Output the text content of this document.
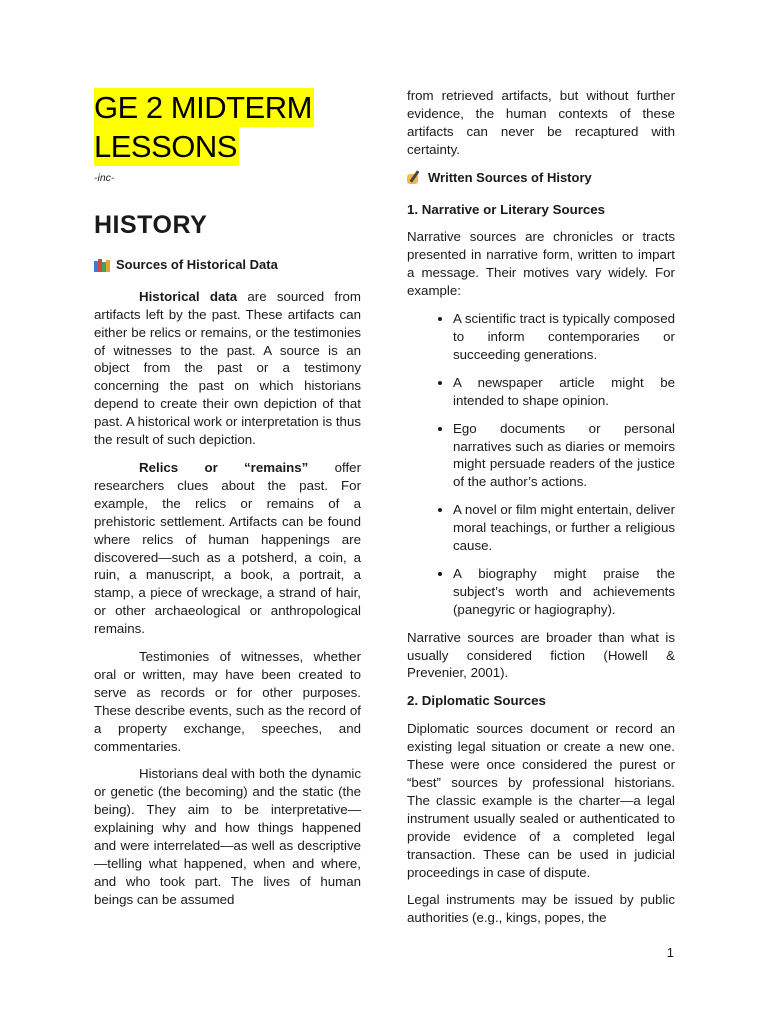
GE 2 MIDTERM
LESSONS

-inc-

HISTORY
Sources of Historical Data

Historical data are sourced from artifacts left by the past. These artifacts can either be relics or remains, or the testimonies of witnesses to the past. A source is an object from the past or a testimony concerning the past on which historians depend to create their own depiction of that past. A historical work or interpretation is thus the result of such depiction.

Relics or “remains” offer researchers clues about the past. For example, the relics or remains of a prehistoric settlement. Artifacts can be found where relics of human happenings are discovered—such as a potsherd, a coin, a ruin, a manuscript, a book, a portrait, a stamp, a piece of wreckage, a strand of hair, or other archaeological or anthropological remains.

Testimonies of witnesses, whether oral or written, may have been created to serve as records or for other purposes. These describe events, such as the record of a property exchange, speeches, and commentaries.

Historians deal with both the dynamic or genetic (the becoming) and the static (the being). They aim to be interpretative—explaining why and how things happened and were interrelated—as well as descriptive—telling what happened, when and where, and who took part. The lives of human beings can be assumed

from retrieved artifacts, but without further evidence, the human contexts of these artifacts can never be recaptured with certainty.

Written Sources of History

1. Narrative or Literary Sources

Narrative sources are chronicles or tracts presented in narrative form, written to impart a message. Their motives vary widely. For example:

• A scientific tract is typically composed to inform contemporaries or succeeding generations.
• A newspaper article might be intended to shape opinion.
• Ego documents or personal narratives such as diaries or memoirs might persuade readers of the justice of the author’s actions.
• A novel or film might entertain, deliver moral teachings, or further a religious cause.
• A biography might praise the subject’s worth and achievements (panegyric or hagiography).

Narrative sources are broader than what is usually considered fiction (Howell & Prevenier, 2001).

2. Diplomatic Sources

Diplomatic sources document or record an existing legal situation or create a new one. These were once considered the purest or “best” sources by professional historians. The classic example is the charter—a legal instrument usually sealed or authenticated to provide evidence of a completed legal transaction. These can be used in judicial proceedings in case of dispute.

Legal instruments may be issued by public authorities (e.g., kings, popes, the

1
